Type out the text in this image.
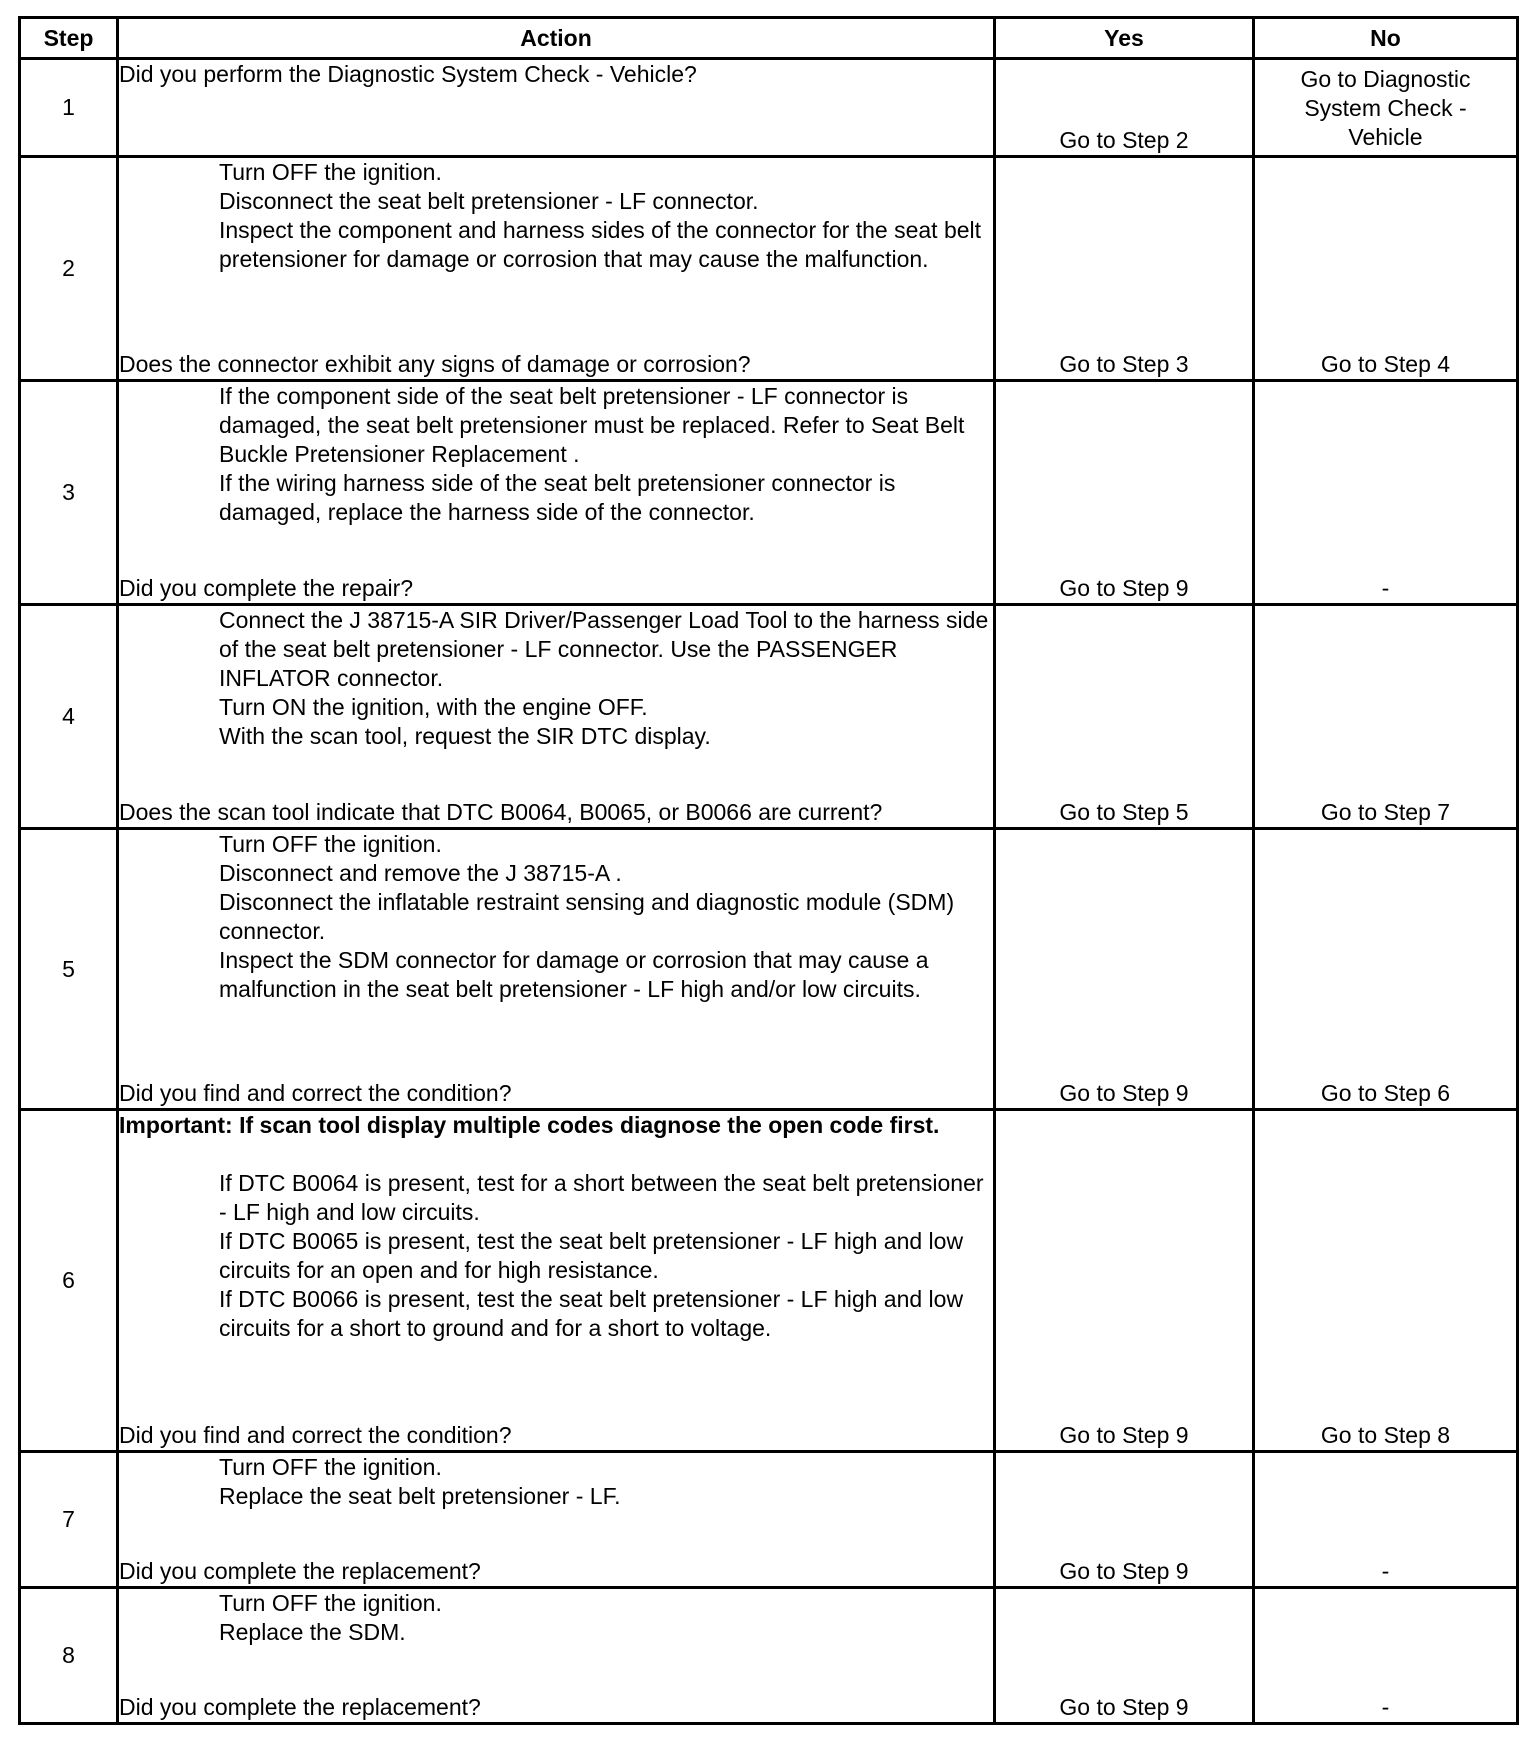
Step	Action	Yes	No
1	Did you perform the Diagnostic System Check - Vehicle?	Go to Step 2	Go to Diagnostic System Check - Vehicle
2	Turn OFF the ignition.
Disconnect the seat belt pretensioner - LF connector.
Inspect the component and harness sides of the connector for the seat belt pretensioner for damage or corrosion that may cause the malfunction.
Does the connector exhibit any signs of damage or corrosion?	Go to Step 3	Go to Step 4
3	If the component side of the seat belt pretensioner - LF connector is damaged, the seat belt pretensioner must be replaced. Refer to Seat Belt Buckle Pretensioner Replacement .
If the wiring harness side of the seat belt pretensioner connector is damaged, replace the harness side of the connector.
Did you complete the repair?	Go to Step 9	-
4	Connect the J 38715-A SIR Driver/Passenger Load Tool to the harness side of the seat belt pretensioner - LF connector. Use the PASSENGER INFLATOR connector.
Turn ON the ignition, with the engine OFF.
With the scan tool, request the SIR DTC display.
Does the scan tool indicate that DTC B0064, B0065, or B0066 are current?	Go to Step 5	Go to Step 7
5	Turn OFF the ignition.
Disconnect and remove the J 38715-A .
Disconnect the inflatable restraint sensing and diagnostic module (SDM) connector.
Inspect the SDM connector for damage or corrosion that may cause a malfunction in the seat belt pretensioner - LF high and/or low circuits.
Did you find and correct the condition?	Go to Step 9	Go to Step 6
6	Important: If scan tool display multiple codes diagnose the open code first.
If DTC B0064 is present, test for a short between the seat belt pretensioner - LF high and low circuits.
If DTC B0065 is present, test the seat belt pretensioner - LF high and low circuits for an open and for high resistance.
If DTC B0066 is present, test the seat belt pretensioner - LF high and low circuits for a short to ground and for a short to voltage.
Did you find and correct the condition?	Go to Step 9	Go to Step 8
7	Turn OFF the ignition.
Replace the seat belt pretensioner - LF.
Did you complete the replacement?	Go to Step 9	-
8	Turn OFF the ignition.
Replace the SDM.
Did you complete the replacement?	Go to Step 9	-
